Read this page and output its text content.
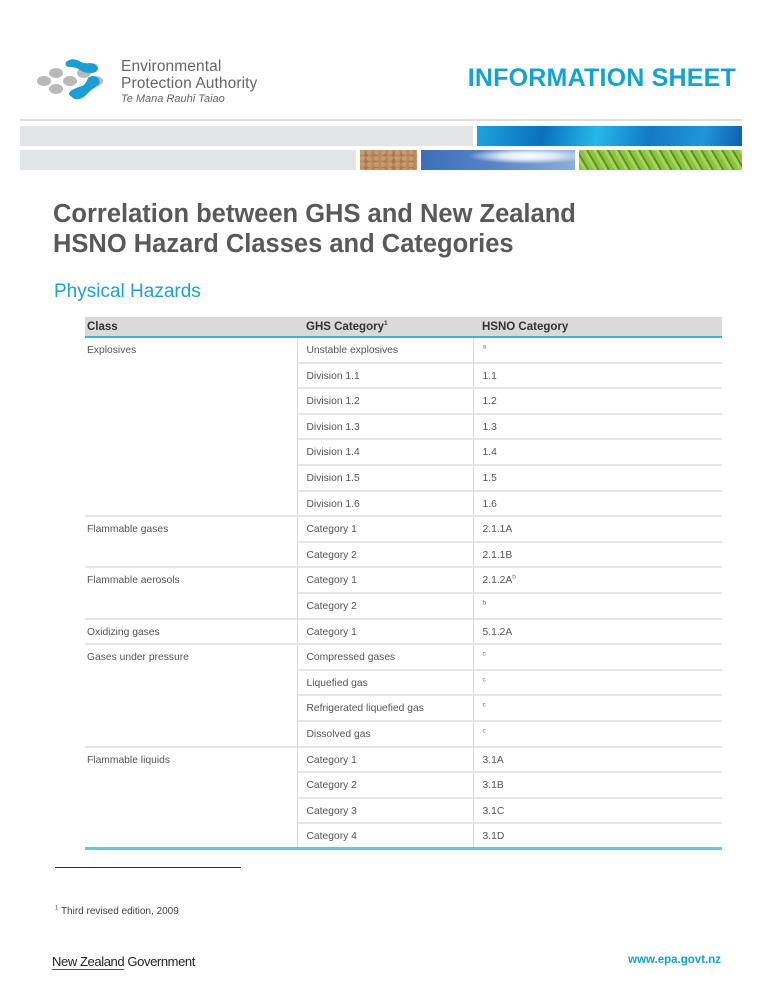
Environmental
Protection Authority
Te Mana Rauhī Taiao
INFORMATION SHEET
Correlation between GHS and New Zealand
HSNO Hazard Classes and Categories
Physical Hazards
Class	GHS Category$^1$	HSNO Category
Explosives	Unstable explosives	$^a$
	Division 1.1	1.1
	Division 1.2	1.2
	Division 1.3	1.3
	Division 1.4	1.4
	Division 1.5	1.5
	Division 1.6	1.6
Flammable gases	Category 1	2.1.1A
	Category 2	2.1.1B
Flammable aerosols	Category 1	$2.1.2A^b$
	Category 2	$^b$
Oxidizing gases	Category 1	5.1.2A
Gases under pressure	Compressed gases	$^c$
	Liquefied gas	$^c$
	Refrigerated liquefied gas	$^c$
	Dissolved gas	$^c$
Flammable liquids	Category 1	3.1A
	Category 2	3.1B
	Category 3	3.1C
	Category 4	3.1D
$^1$ Third revised edition, 2009
New Zealand Government	www.epa.govt.nz
